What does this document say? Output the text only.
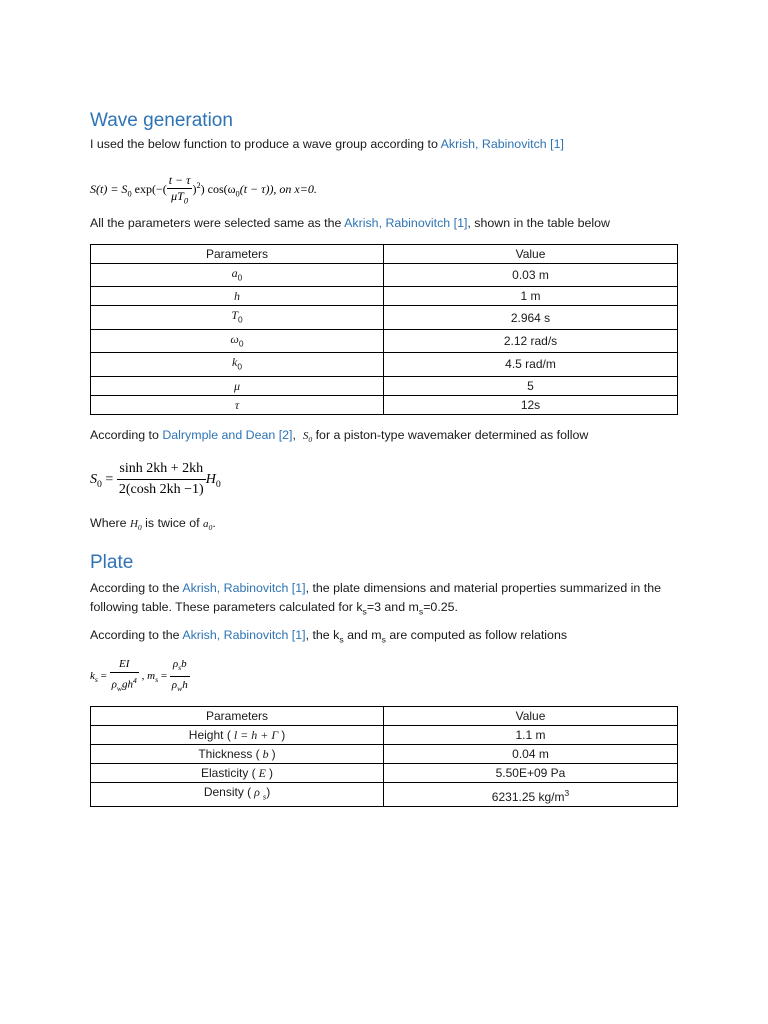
Wave generation

I used the below function to produce a wave group according to Akrish, Rabinovitch [1]

$S(t) = S_0$ $\exp(-( \frac{t - \tau}{\mu T_0} )^2)$ $\cos(\omega_0(t - \tau))$, on x=0.

All the parameters were selected same as the Akrish, Rabinovitch [1], shown in the table below

Parameters	Value
$a_0$	0.03 m
h	1 m
$T_0$	2.964 s
$\omega_0$	2.12 rad/s
$k_0$	4.5 rad/m
μ	5
τ	12s

According to Dalrymple and Dean [2],  $S_0$ for a piston-type wavemaker determined as follow

$S_0 = \frac{\sinh 2kh + 2kh}{2(\cosh 2kh -1)} H_0$

Where $H_0$ is twice of $a_0$.

Plate

According to the Akrish, Rabinovitch [1], the plate dimensions and material properties summarized in the following table. These parameters calculated for $k_s=3$ and $m_s=0.25$.

According to the Akrish, Rabinovitch [1], the $k_s$ and $m_s$ are computed as follow relations

$k_s = \frac{EI}{\rho_wgh^4}$ , $m_s = \frac{\rho_sb}{\rho_wh}$
Parameters	Value
Height ( l = h + Γ )	1.1 m
Thickness ( b )	0.04 m
Elasticity ( E )	5.50E+09 Pa
Density ( ρ $_s$)	6231.25 $kg/m^3$
